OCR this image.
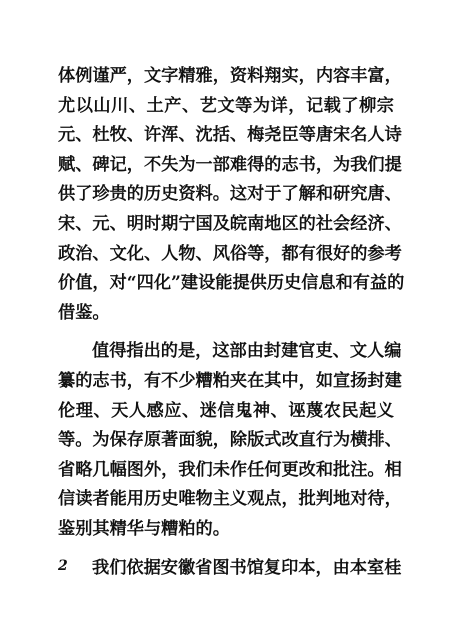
体例谨严，文字精雅，资料翔实，内容丰富，
尤以山川、土产、艺文等为详，记载了柳宗
元、杜牧、许浑、沈括、梅尧臣等唐宋名人诗
赋、碑记，不失为一部难得的志书，为我们提
供了珍贵的历史资料。这对于了解和研究唐、
宋、元、明时期宁国及皖南地区的社会经济、
政治、文化、人物、风俗等，都有很好的参考
价值，对“四化”建设能提供历史信息和有益的
借鉴。
值得指出的是，这部由封建官吏、文人编
纂的志书，有不少糟粕夹在其中，如宣扬封建
伦理、天人感应、迷信鬼神、诬蔑农民起义
等。为保存原著面貌，除版式改直行为横排、
省略几幅图外，我们未作任何更改和批注。相
信读者能用历史唯物主义观点，批判地对待，
鉴别其精华与糟粕的。
我们依据安徽省图书馆复印本，由本室桂
2
